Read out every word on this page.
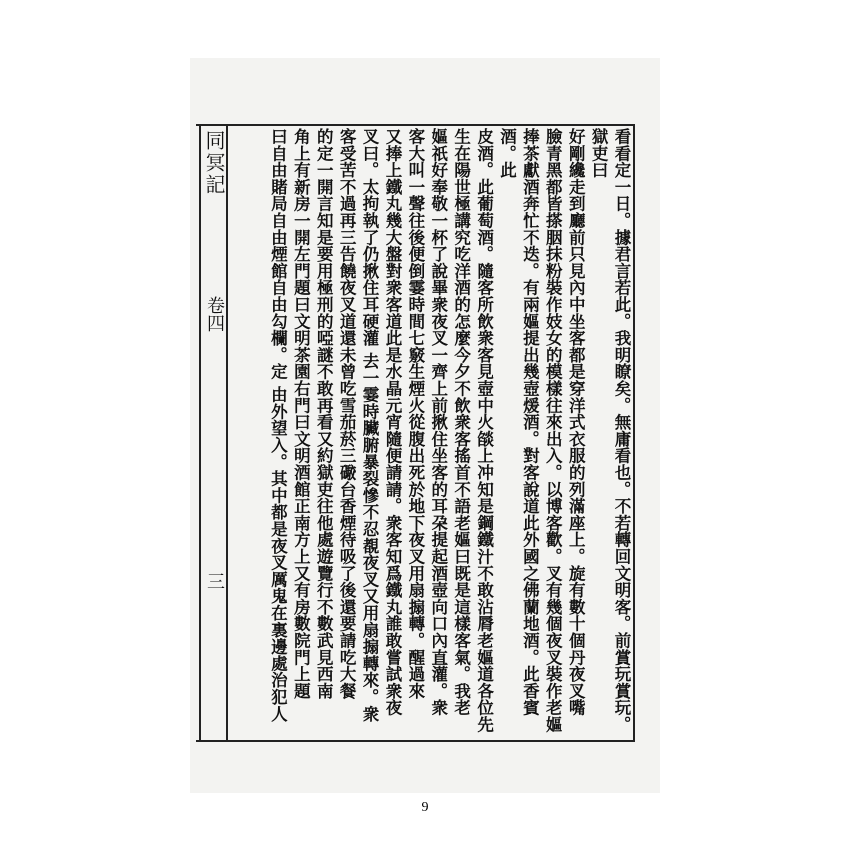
同冥記
卷四
三	看看定一日。據君言若此。我明瞭矣。無庸看也。不若轉回文明客。前賞玩賞玩。獄吏曰
好剛纔走到廳前只見內中坐客都是穿洋式衣服的列滿座上。旋有數十個丹夜叉嘴
臉青黑都皆搽胭抹粉裝作妓女的模樣往來出入。以博客歡。叉有幾個夜叉裝作老嫗
捧茶獻酒奔忙不迭。有兩嫗提出幾壺煖酒。對客說道此外國之佛蘭地酒。此香賓酒。此
皮酒。此葡萄酒。隨客所飲衆客見壺中火燄上冲知是鋼鐵汁不敢沾脣老嫗道各位先
生在陽世極講究吃洋酒的怎麼今夕不飲衆客搖首不語老嫗曰既是這樣客氣。我老
嫗祇好奉敬一杯了說畢衆夜叉一齊上前揪住坐客的耳朶提起酒壺向口內直灌。衆
客大叫一聲往後便倒霎時間七竅生煙火從腹出死於地下夜叉用扇搧轉。醒過來
又捧上鐵丸幾大盤對衆客道此是水晶元宵隨便請請。衆客知爲鐵丸誰敢嘗試衆夜
叉曰。太拘執了仍揪住耳硬灌 去一霎時臟腑暴裂慘不忍覩夜叉又用扇搧轉來。衆
客受苦不過再三告饒夜叉道還未曾吃雪茄菸三礮台香煙待吸了後還要請吃大餐
的定一開言知是要用極刑的啞謎不敢再看又約獄吏往他處遊覽行不數武見西南
角上有新房一開左門題曰文明茶園右門曰文明酒館正南方上又有房數院門上題
曰自由賭局自由煙館自由勾欄。定 由外望入。其中都是夜叉厲鬼在裏邊處治犯人
9
